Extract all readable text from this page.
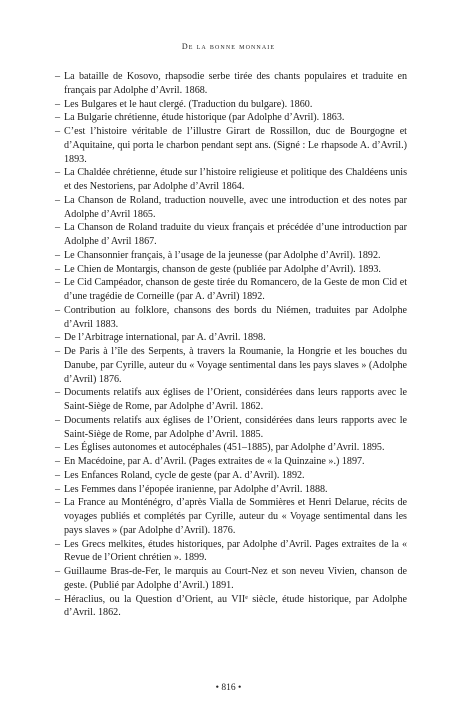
De la bonne monnaie
– La bataille de Kosovo, rhapsodie serbe tirée des chants populaires et traduite en français par Adolphe d’Avril. 1868.
– Les Bulgares et le haut clergé. (Traduction du bulgare). 1860.
– La Bulgarie chrétienne, étude historique (par Adolphe d’Avril). 1863.
– C’est l’histoire véritable de l’illustre Girart de Rossillon, duc de Bourgogne et d’Aquitaine, qui porta le charbon pendant sept ans. (Signé : Le rhapsode A. d’Avril.) 1893.
– La Chaldée chrétienne, étude sur l’histoire religieuse et politique des Chaldéens unis et des Nestoriens, par Adolphe d’Avril 1864.
– La Chanson de Roland, traduction nouvelle, avec une introduction et des notes par Adolphe d’Avril 1865.
– La Chanson de Roland traduite du vieux français et précédée d’une introduction par Adolphe d’ Avril 1867.
– Le Chansonnier français, à l’usage de la jeunesse (par Adolphe d’Avril). 1892.
– Le Chien de Montargis, chanson de geste (publiée par Adolphe d’Avril). 1893.
– Le Cid Campéador, chanson de geste tirée du Romancero, de la Geste de mon Cid et d’une tragédie de Corneille (par A. d’Avril) 1892.
– Contribution au folklore, chansons des bords du Niémen, traduites par Adolphe d’Avril 1883.
– De l’Arbitrage international, par A. d’Avril. 1898.
– De Paris à l’île des Serpents, à travers la Roumanie, la Hongrie et les bouches du Danube, par Cyrille, auteur du « Voyage sentimental dans les pays slaves » (Adolphe d’Avril) 1876.
– Documents relatifs aux églises de l’Orient, considérées dans leurs rapports avec le Saint-Siège de Rome, par Adolphe d’Avril. 1862.
– Documents relatifs aux églises de l’Orient, considérées dans leurs rapports avec le Saint-Siège de Rome, par Adolphe d’Avril. 1885.
– Les Églises autonomes et autocéphales (451–1885), par Adolphe d’Avril. 1895.
– En Macédoine, par A. d’Avril. (Pages extraites de « la Quinzaine ».) 1897.
– Les Enfances Roland, cycle de geste (par A. d’Avril). 1892.
– Les Femmes dans l’épopée iranienne, par Adolphe d’Avril. 1888.
– La France au Monténégro, d’après Vialla de Sommières et Henri Delarue, récits de voyages publiés et complétés par Cyrille, auteur du « Voyage sentimental dans les pays slaves » (par Adolphe d’Avril). 1876.
– Les Grecs melkites, études historiques, par Adolphe d’Avril. Pages extraites de la « Revue de l’Orient chrétien ». 1899.
– Guillaume Bras-de-Fer, le marquis au Court-Nez et son neveu Vivien, chanson de geste. (Publié par Adolphe d’Avril.) 1891.
– Héraclius, ou la Question d’Orient, au VIIe siècle, étude historique, par Adolphe d’Avril. 1862.
• 816 •
